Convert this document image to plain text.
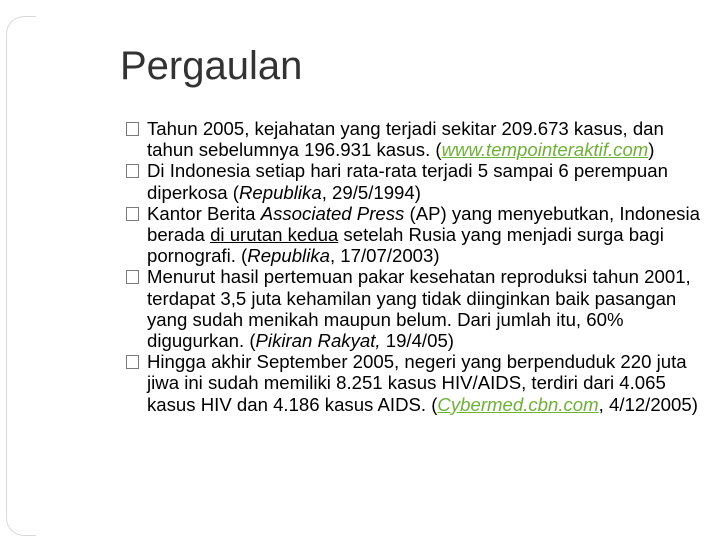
Pergaulan
Tahun 2005, kejahatan yang terjadi sekitar 209.673 kasus, dan tahun sebelumnya 196.931 kasus. (www.tempointeraktif.com)
Di Indonesia setiap hari rata-rata terjadi 5 sampai 6 perempuan diperkosa (Republika, 29/5/1994)
Kantor Berita Associated Press (AP) yang menyebutkan, Indonesia berada di urutan kedua setelah Rusia yang menjadi surga bagi pornografi. (Republika, 17/07/2003)
Menurut hasil pertemuan pakar kesehatan reproduksi tahun 2001, terdapat 3,5 juta kehamilan yang tidak diinginkan baik pasangan yang sudah menikah maupun belum. Dari jumlah itu, 60% digugurkan. (Pikiran Rakyat, 19/4/05)
Hingga akhir September 2005, negeri yang berpenduduk 220 juta jiwa ini sudah memiliki 8.251 kasus HIV/AIDS, terdiri dari 4.065 kasus HIV dan 4.186 kasus AIDS. (Cybermed.cbn.com, 4/12/2005)
